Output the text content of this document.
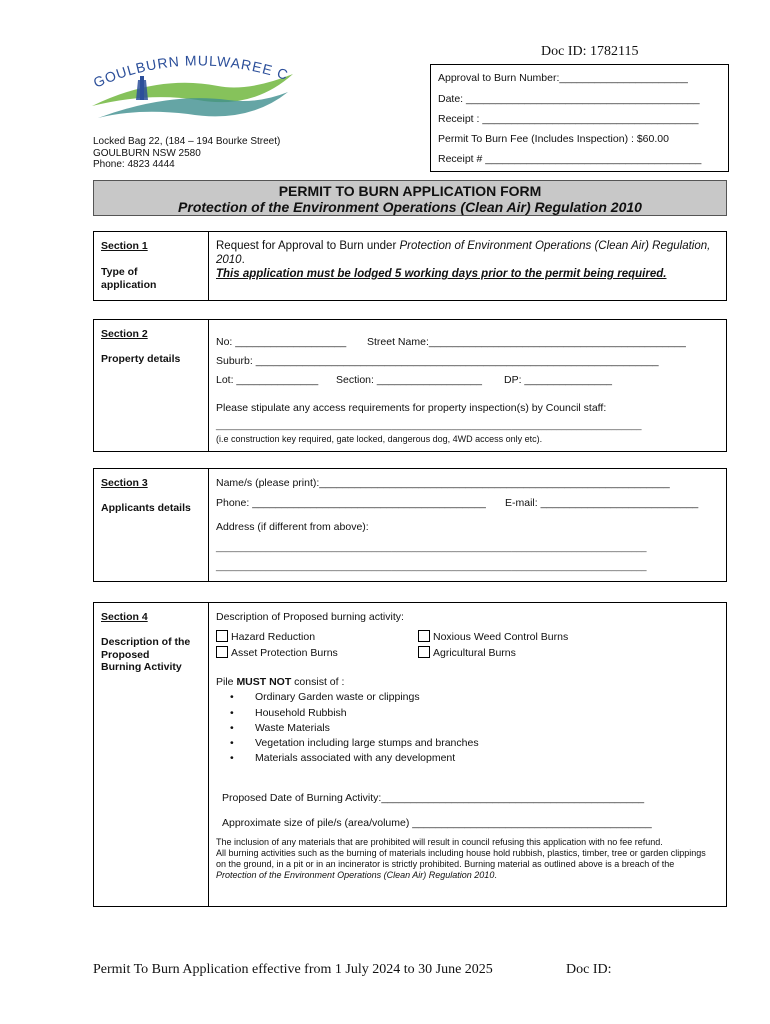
Doc ID: 1782115
GOULBURN MULWAREE C
Locked Bag 22, (184 – 194 Bourke Street)
GOULBURN NSW 2580
Phone: 4823 4444
Approval to Burn Number:______________________
Date: ________________________________________
Receipt : _____________________________________
Permit To Burn Fee (Includes Inspection) : $60.00
Receipt # _____________________________________
PERMIT TO BURN APPLICATION FORM
Protection of the Environment Operations (Clean Air) Regulation 2010
Section 1
Type of
application
Request for Approval to Burn under Protection of Environment Operations (Clean Air) Regulation, 2010.
This application must be lodged 5 working days prior to the permit being required.
Section 2
Property details
No: ___________________ Street Name:____________________________________________
Suburb: _____________________________________________________________________
Lot: ______________ Section: __________________ DP: _______________
Please stipulate any access requirements for property inspection(s) by Council staff:
_____________________________________________________________________________________
(i.e construction key required, gate locked, dangerous dog, 4WD access only etc).
Section 3
Applicants details
Name/s (please print):____________________________________________________________
Phone: ________________________________________ E-mail: ___________________________
Address (if different from above):
______________________________________________________________________________________
______________________________________________________________________________________
Section 4
Description of the
Proposed
Burning Activity
Description of Proposed burning activity:
Hazard Reduction	Noxious Weed Control Burns
Asset Protection Burns	Agricultural Burns
Pile MUST NOT consist of :
• Ordinary Garden waste or clippings
• Household Rubbish
• Waste Materials
• Vegetation including large stumps and branches
• Materials associated with any development
Proposed Date of Burning Activity:_____________________________________________
Approximate size of pile/s (area/volume) _________________________________________
The inclusion of any materials that are prohibited will result in council refusing this application with no fee refund.
All burning activities such as the burning of materials including house hold rubbish, plastics, timber, tree or garden clippings on the ground, in a pit or in an incinerator is strictly prohibited. Burning material as outlined above is a breach of the Protection of the Environment Operations (Clean Air) Regulation 2010.
Permit To Burn Application effective from 1 July 2024 to 30 June 2025	Doc ID:
